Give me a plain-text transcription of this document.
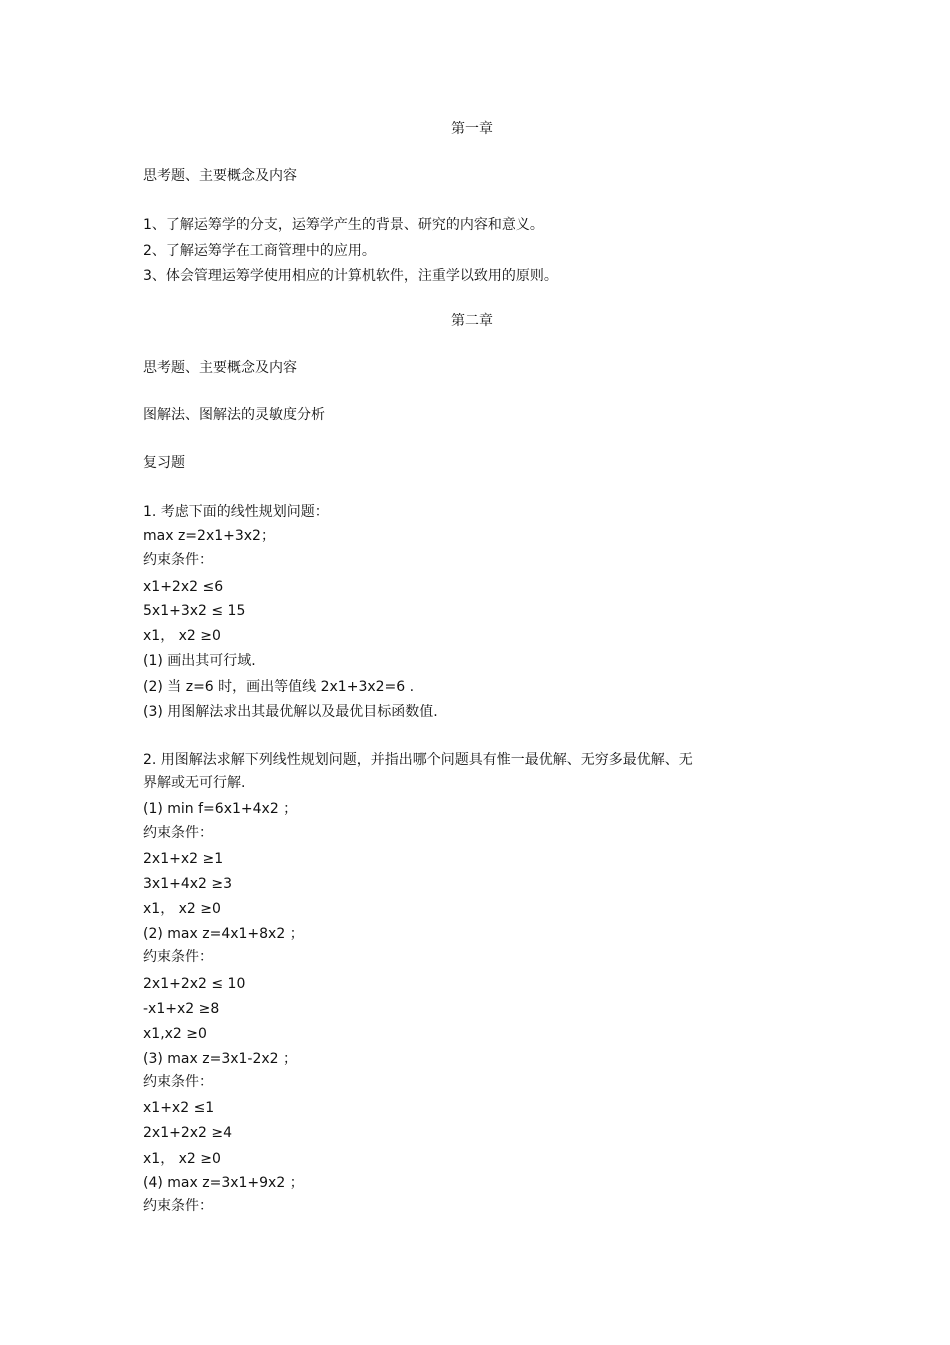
第一章
思考题、主要概念及内容
1、了解运筹学的分支，运筹学产生的背景、研究的内容和意义。
2、了解运筹学在工商管理中的应用。
3、体会管理运筹学使用相应的计算机软件，注重学以致用的原则。
第二章
思考题、主要概念及内容
图解法、图解法的灵敏度分析
复习题
1. 考虑下面的线性规划问题：
max z=2x1+3x2；
约束条件：
x1+2x2 ≤6
5x1+3x2 ≤ 15
x1， x2 ≥0
(1) 画出其可行域.
(2) 当 z=6 时，画出等值线 2x1+3x2=6 .
(3) 用图解法求出其最优解以及最优目标函数值.
2. 用图解法求解下列线性规划问题，并指出哪个问题具有惟一最优解、无穷多最优解、无
界解或无可行解.
(1) min f=6x1+4x2 ；
约束条件：
2x1+x2 ≥1
3x1+4x2 ≥3
x1， x2 ≥0
(2) max z=4x1+8x2 ；
约束条件：
2x1+2x2 ≤ 10
-x1+x2 ≥8
x1,x2 ≥0
(3) max z=3x1-2x2 ；
约束条件：
x1+x2 ≤1
2x1+2x2 ≥4
x1， x2 ≥0
(4) max z=3x1+9x2 ；
约束条件：
